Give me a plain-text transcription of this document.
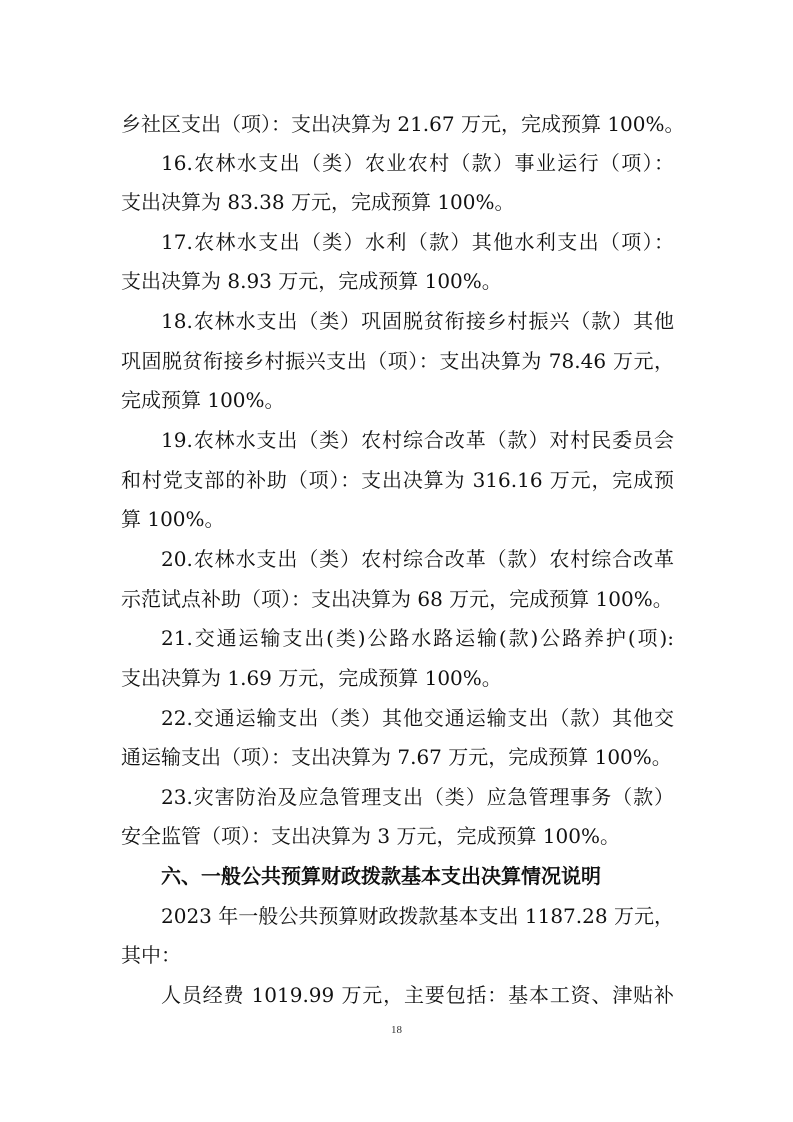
乡社区支出（项）：支出决算为 21.67 万元，完成预算 100%。
16.农林水支出（类）农业农村（款）事业运行（项）：
支出决算为 83.38 万元，完成预算 100%。
17.农林水支出（类）水利（款）其他水利支出（项）：
支出决算为 8.93 万元，完成预算 100%。
18.农林水支出（类）巩固脱贫衔接乡村振兴（款）其他
巩固脱贫衔接乡村振兴支出（项）：支出决算为 78.46 万元，
完成预算 100%。
19.农林水支出（类）农村综合改革（款）对村民委员会
和村党支部的补助（项）：支出决算为 316.16 万元，完成预
算 100%。
20.农林水支出（类）农村综合改革（款）农村综合改革
示范试点补助（项）：支出决算为 68 万元，完成预算 100%。
21.交通运输支出(类)公路水路运输(款)公路养护(项):
支出决算为 1.69 万元，完成预算 100%。
22.交通运输支出（类）其他交通运输支出（款）其他交
通运输支出（项）：支出决算为 7.67 万元，完成预算 100%。
23.灾害防治及应急管理支出（类）应急管理事务（款）
安全监管（项）：支出决算为 3 万元，完成预算 100%。
六、一般公共预算财政拨款基本支出决算情况说明
2023 年一般公共预算财政拨款基本支出 1187.28 万元，
其中：
人员经费 1019.99 万元，主要包括：基本工资、津贴补
18
